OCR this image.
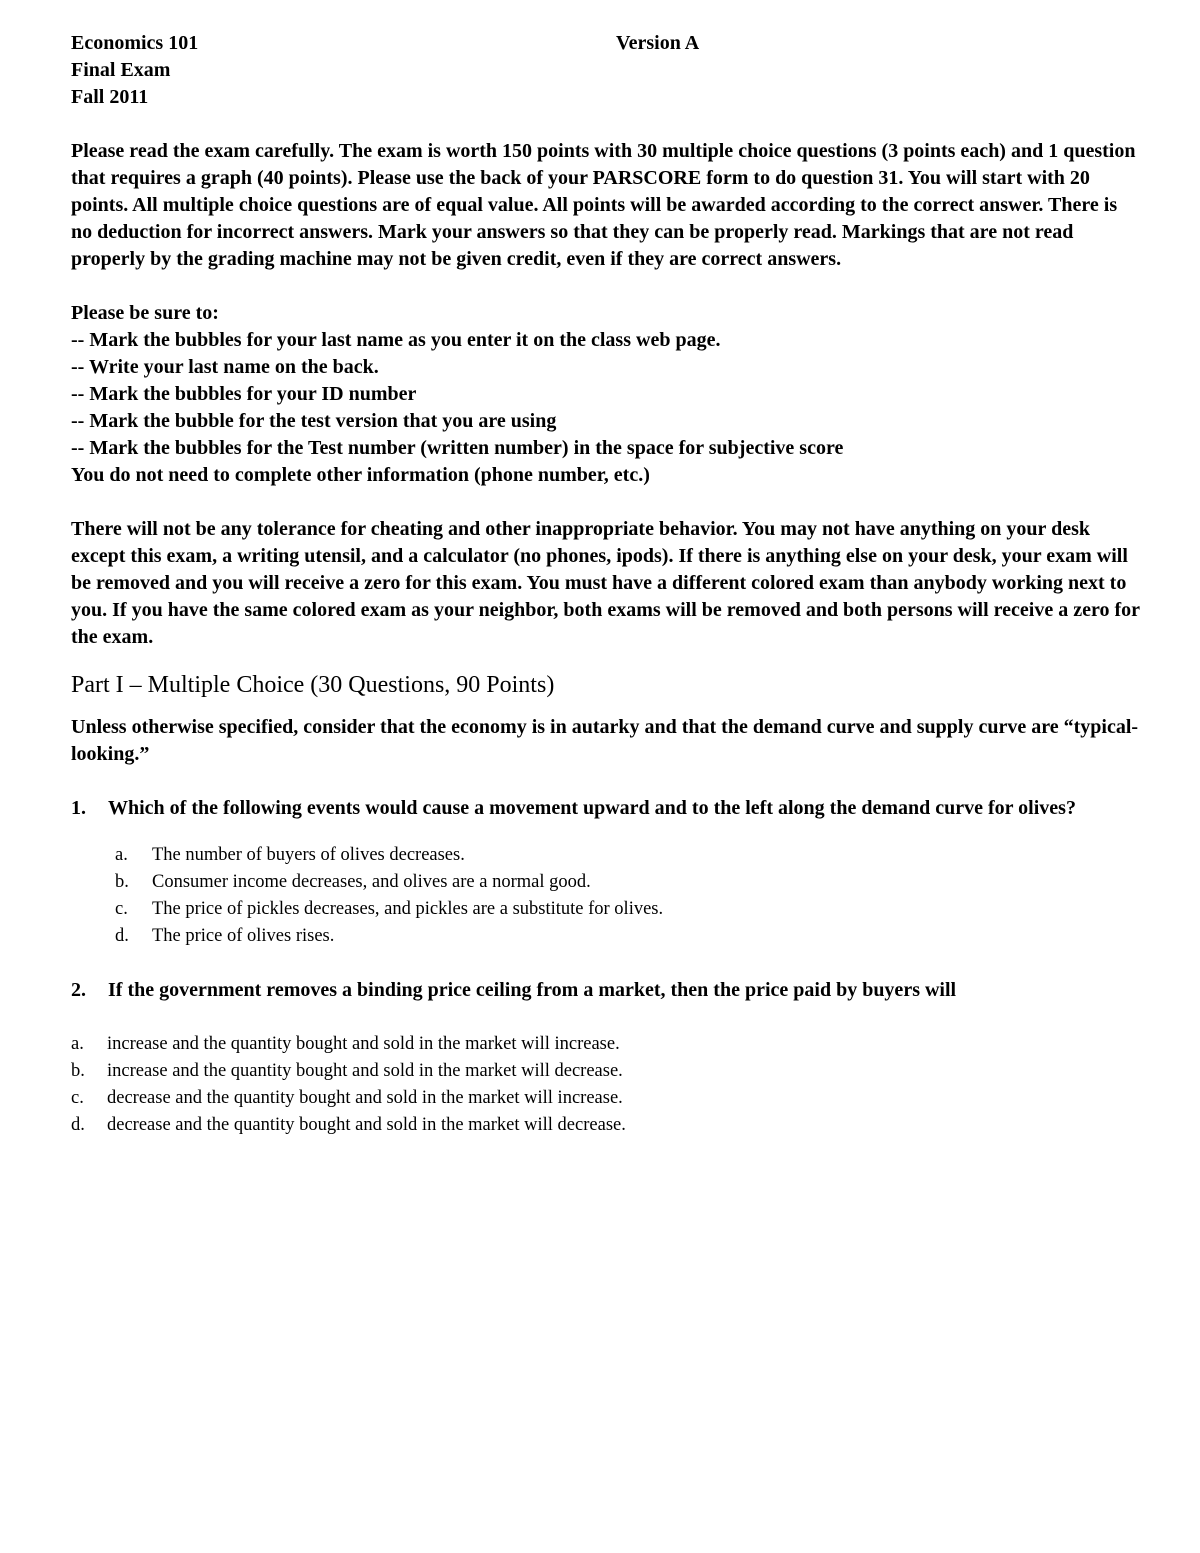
Economics 101	Version A
Final Exam
Fall 2011

Please read the exam carefully. The exam is worth 150 points with 30 multiple choice questions (3 points each) and 1 question that requires a graph (40 points). Please use the back of your PARSCORE form to do question 31. You will start with 20 points. All multiple choice questions are of equal value. All points will be awarded according to the correct answer. There is no deduction for incorrect answers. Mark your answers so that they can be properly read. Markings that are not read properly by the grading machine may not be given credit, even if they are correct answers.

Please be sure to:
-- Mark the bubbles for your last name as you enter it on the class web page.
-- Write your last name on the back.
-- Mark the bubbles for your ID number
-- Mark the bubble for the test version that you are using
-- Mark the bubbles for the Test number (written number) in the space for subjective score
You do not need to complete other information (phone number, etc.)

There will not be any tolerance for cheating and other inappropriate behavior. You may not have anything on your desk except this exam, a writing utensil, and a calculator (no phones, ipods). If there is anything else on your desk, your exam will be removed and you will receive a zero for this exam. You must have a different colored exam than anybody working next to you. If you have the same colored exam as your neighbor, both exams will be removed and both persons will receive a zero for the exam.

Part I – Multiple Choice (30 Questions, 90 Points)

Unless otherwise specified, consider that the economy is in autarky and that the demand curve and supply curve are “typical-looking.”

1.	Which of the following events would cause a movement upward and to the left along the demand curve for olives?
a.	The number of buyers of olives decreases.
b.	Consumer income decreases, and olives are a normal good.
c.	The price of pickles decreases, and pickles are a substitute for olives.
d.	The price of olives rises.
2.	If the government removes a binding price ceiling from a market, then the price paid by buyers will
a.	increase and the quantity bought and sold in the market will increase.
b.	increase and the quantity bought and sold in the market will decrease.
c.	decrease and the quantity bought and sold in the market will increase.
d.	decrease and the quantity bought and sold in the market will decrease.
